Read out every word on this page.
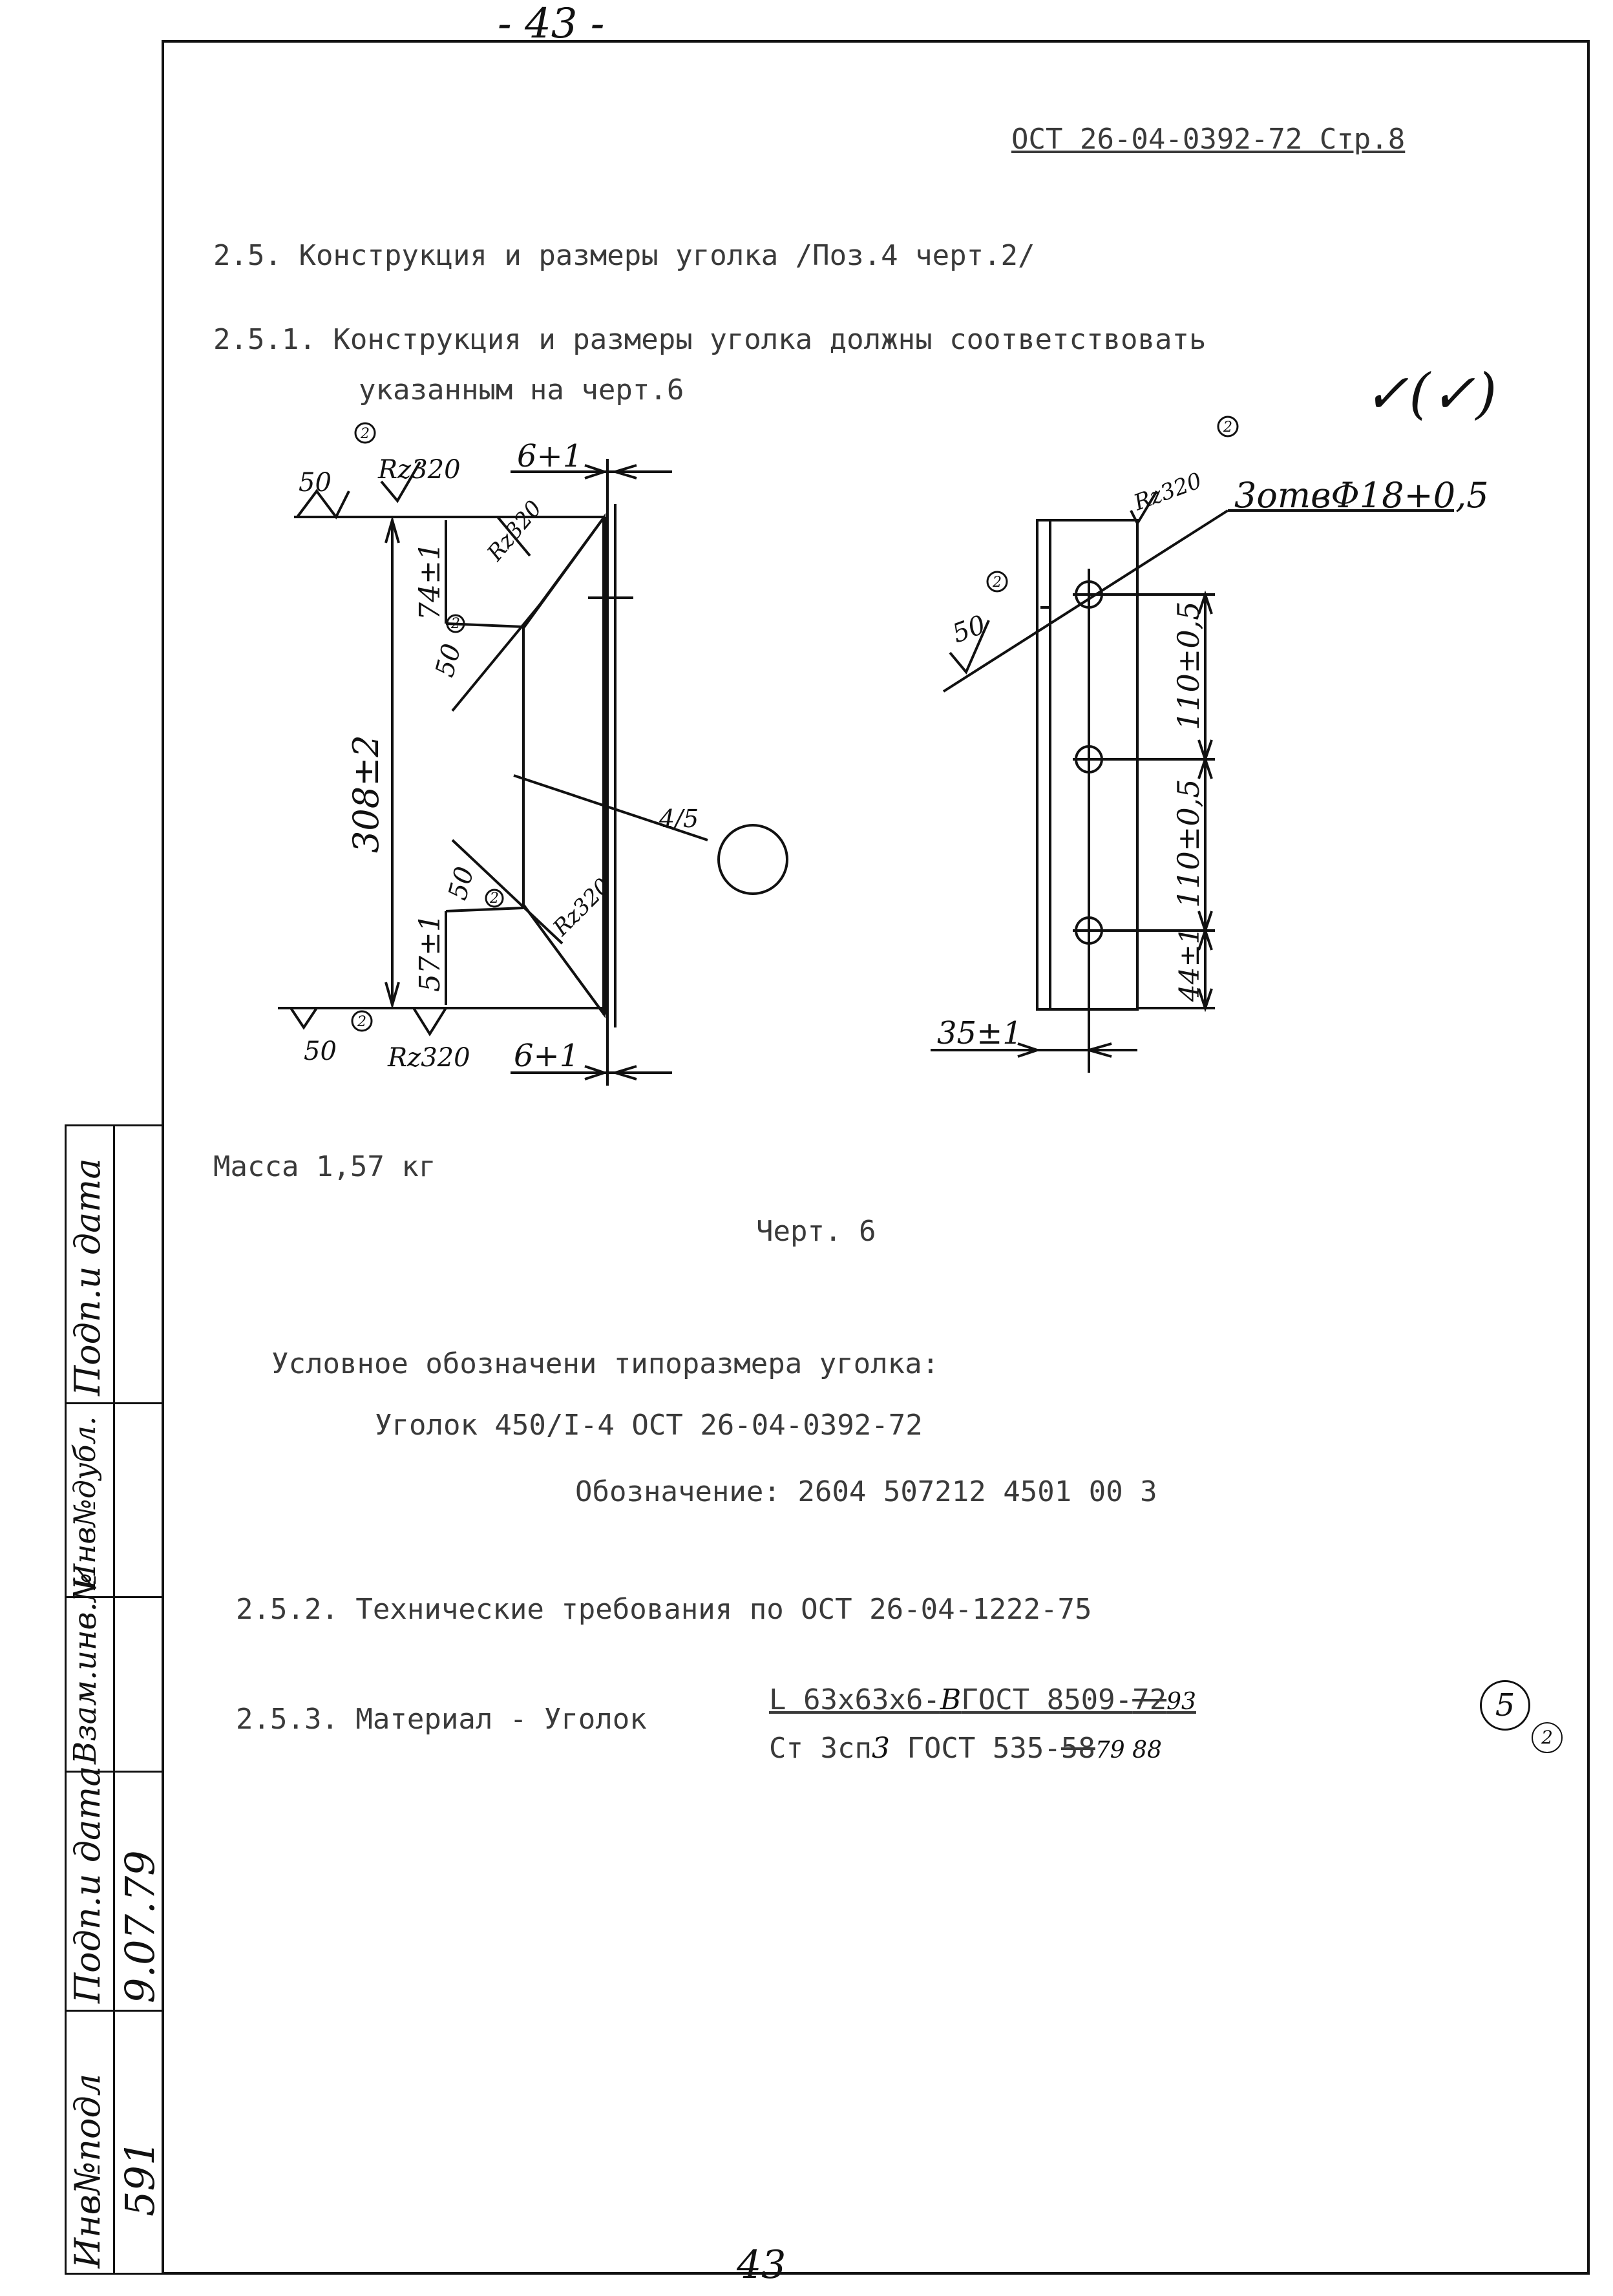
- 43 -
ОСТ 26-04-0392-72 Стр.8
2.5. Конструкция и размеры уголка /Поз.4 черт.2/
2.5.1. Конструкция и размеры уголка должны соответствовать
указанным на черт.6	✓(✓)
2
2
2
2
2
2
Rz320
Rz320
Rz320
Rz320
50
50
50
50
6+1
6+1
308±2
74±1
57±1
4/5
Rz320
50
3отвΦ18+0,5
110±0,5
110±0,5
44±1
35±1
Масса 1,57 кг
Черт. 6
Условное обозначени типоразмера уголка:
Уголок 450/I-4 ОСТ 26-04-0392-72
Обозначение: 2604 507212 4501 00 3
2.5.2. Технические требования по ОСТ 26-04-1222-75
2.5.3. Материал - Уголок
L 63x63x6-ВГОСТ 8509-7293
Ст Зсп3 ГОСТ 535-5879 88
5
2
Инв№подл 591
Подп.и дата 9.07.79
Взам.инв.№
Инв№дубл.
Подп.и дата
43
